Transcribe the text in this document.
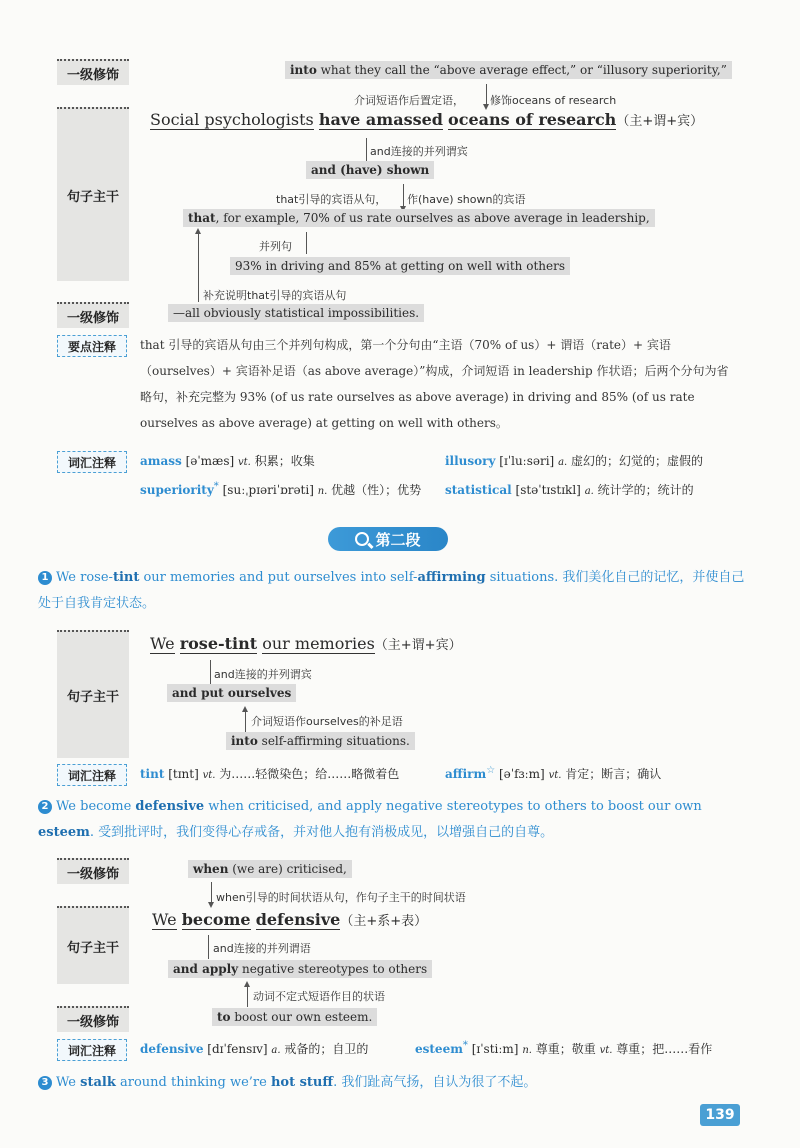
一级修饰	into what they call the “above average effect,” or “illusory superiority,”
介词短语作后置定语， 修饰oceans of research
句子主干
Social psychologists have amassed oceans of research（主+谓+宾）
and连接的并列谓宾
and (have) shown
that引导的宾语从句， 作(have) shown的宾语
that, for example, 70% of us rate ourselves as above average in leadership,
并列句
93% in driving and 85% at getting on well with others
补充说明that引导的宾语从句
一级修饰	—all obviously statistical impossibilities.
要点注释 that 引导的宾语从句由三个并列句构成，第一个分句由“主语（70% of us）+ 谓语（rate）+ 宾语（ourselves）+ 宾语补足语（as above average）”构成，介词短语 in leadership 作状语；后两个分句为省略句，补充完整为 93% (of us rate ourselves as above average) in driving and 85% (of us rate ourselves as above average) at getting on well with others。
词汇注释 amass [əˈmæs] vt. 积累；收集	illusory [ɪˈluːsəri] a. 虚幻的；幻觉的；虚假的
superiority* [suːˌpɪəriˈɒrəti] n. 优越（性）；优势 statistical [stəˈtɪstɪkl] a. 统计学的；统计的
第二段
1 We rose-tint our memories and put ourselves into self-affirming situations. 我们美化自己的记忆，并使自己处于自我肯定状态。
句子主干
We rose-tint our memories（主+谓+宾）
and连接的并列谓宾
and put ourselves
介词短语作ourselves的补足语
into self-affirming situations.
词汇注释 tint [tɪnt] vt. 为……轻微染色；给……略微着色	affirm☆ [əˈfɜːm] vt. 肯定；断言；确认
2 We become defensive when criticised, and apply negative stereotypes to others to boost our own esteem. 受到批评时，我们变得心存戒备，并对他人抱有消极成见，以增强自己的自尊。
一级修饰	when (we are) criticised,
when引导的时间状语从句，作句子主干的时间状语
句子主干
We become defensive（主+系+表）
and连接的并列谓语
and apply negative stereotypes to others
动词不定式短语作目的状语
一级修饰	to boost our own esteem.
词汇注释 defensive [dɪˈfensɪv] a. 戒备的；自卫的	esteem* [ɪˈstiːm] n. 尊重；敬重 vt. 尊重；把……看作
3 We stalk around thinking we’re hot stuff. 我们趾高气扬，自认为很了不起。
139
